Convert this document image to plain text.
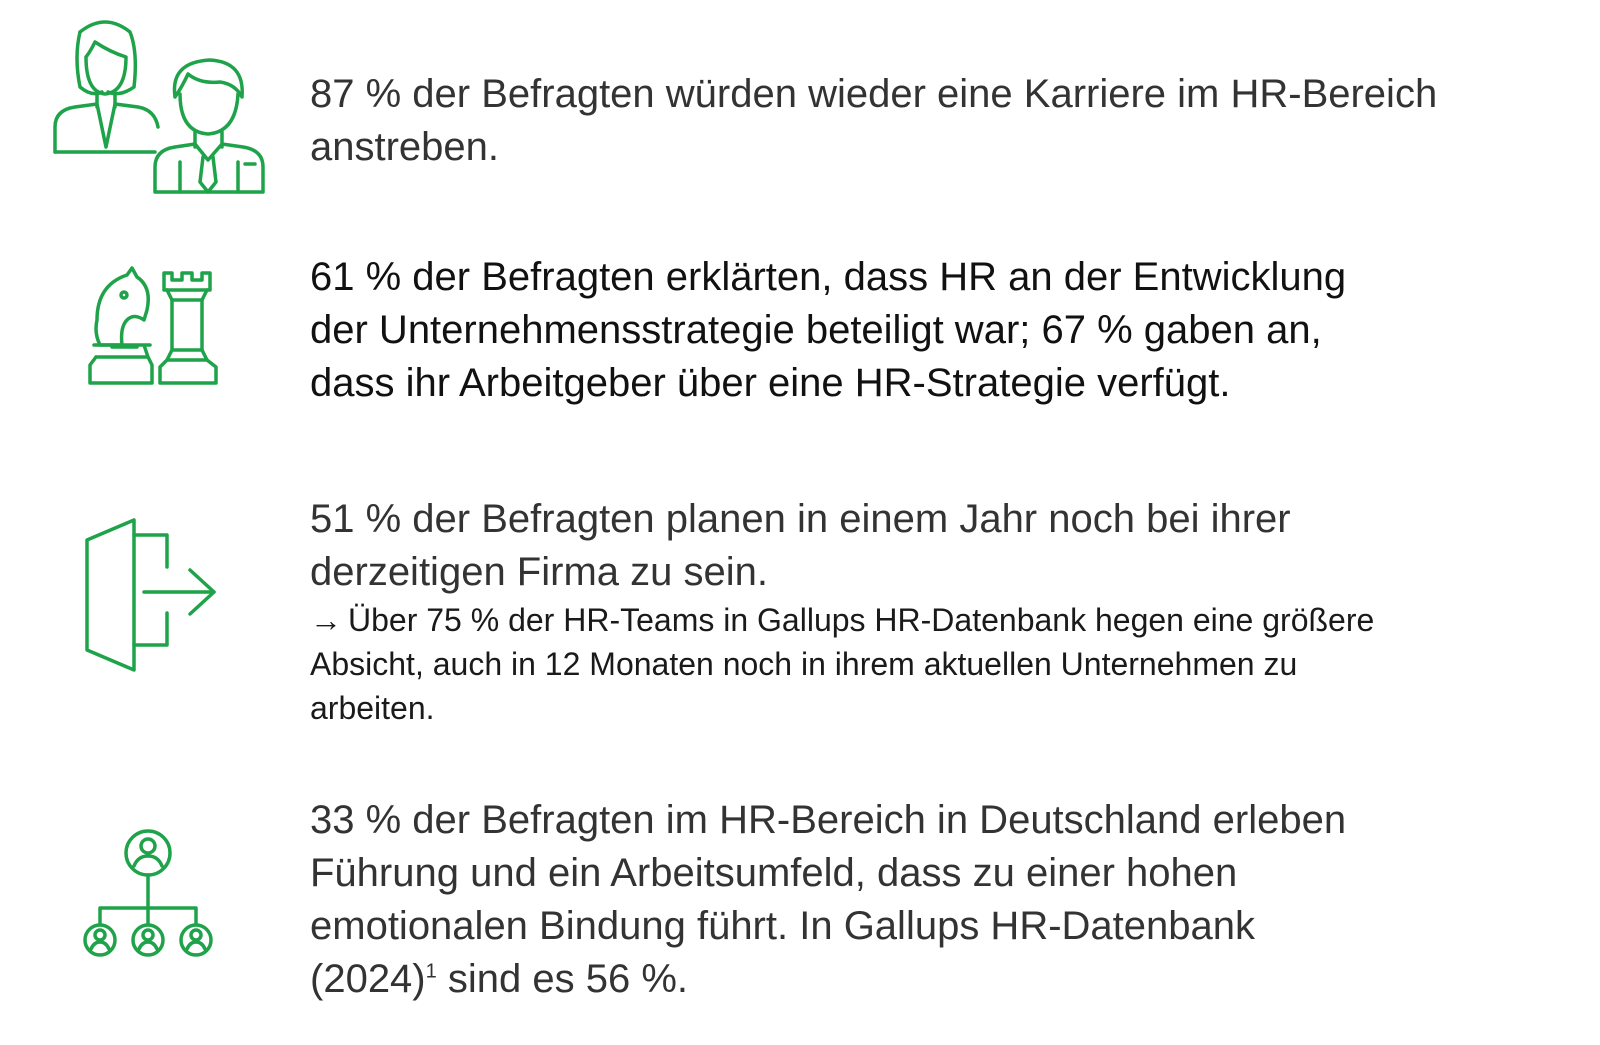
87 % der Befragten würden wieder eine Karriere im HR-Bereich
anstreben.

61 % der Befragten erklärten, dass HR an der Entwicklung
der Unternehmensstrategie beteiligt war; 67 % gaben an,
dass ihr Arbeitgeber über eine HR-Strategie verfügt.

51 % der Befragten planen in einem Jahr noch bei ihrer
derzeitigen Firma zu sein.

→ Über 75 % der HR-Teams in Gallups HR-Datenbank hegen eine größere
Absicht, auch in 12 Monaten noch in ihrem aktuellen Unternehmen zu
arbeiten.

33 % der Befragten im HR-Bereich in Deutschland erleben
Führung und ein Arbeitsumfeld, dass zu einer hohen
emotionalen Bindung führt. In Gallups HR-Datenbank
$(2024)^1$ sind es 56 %.
